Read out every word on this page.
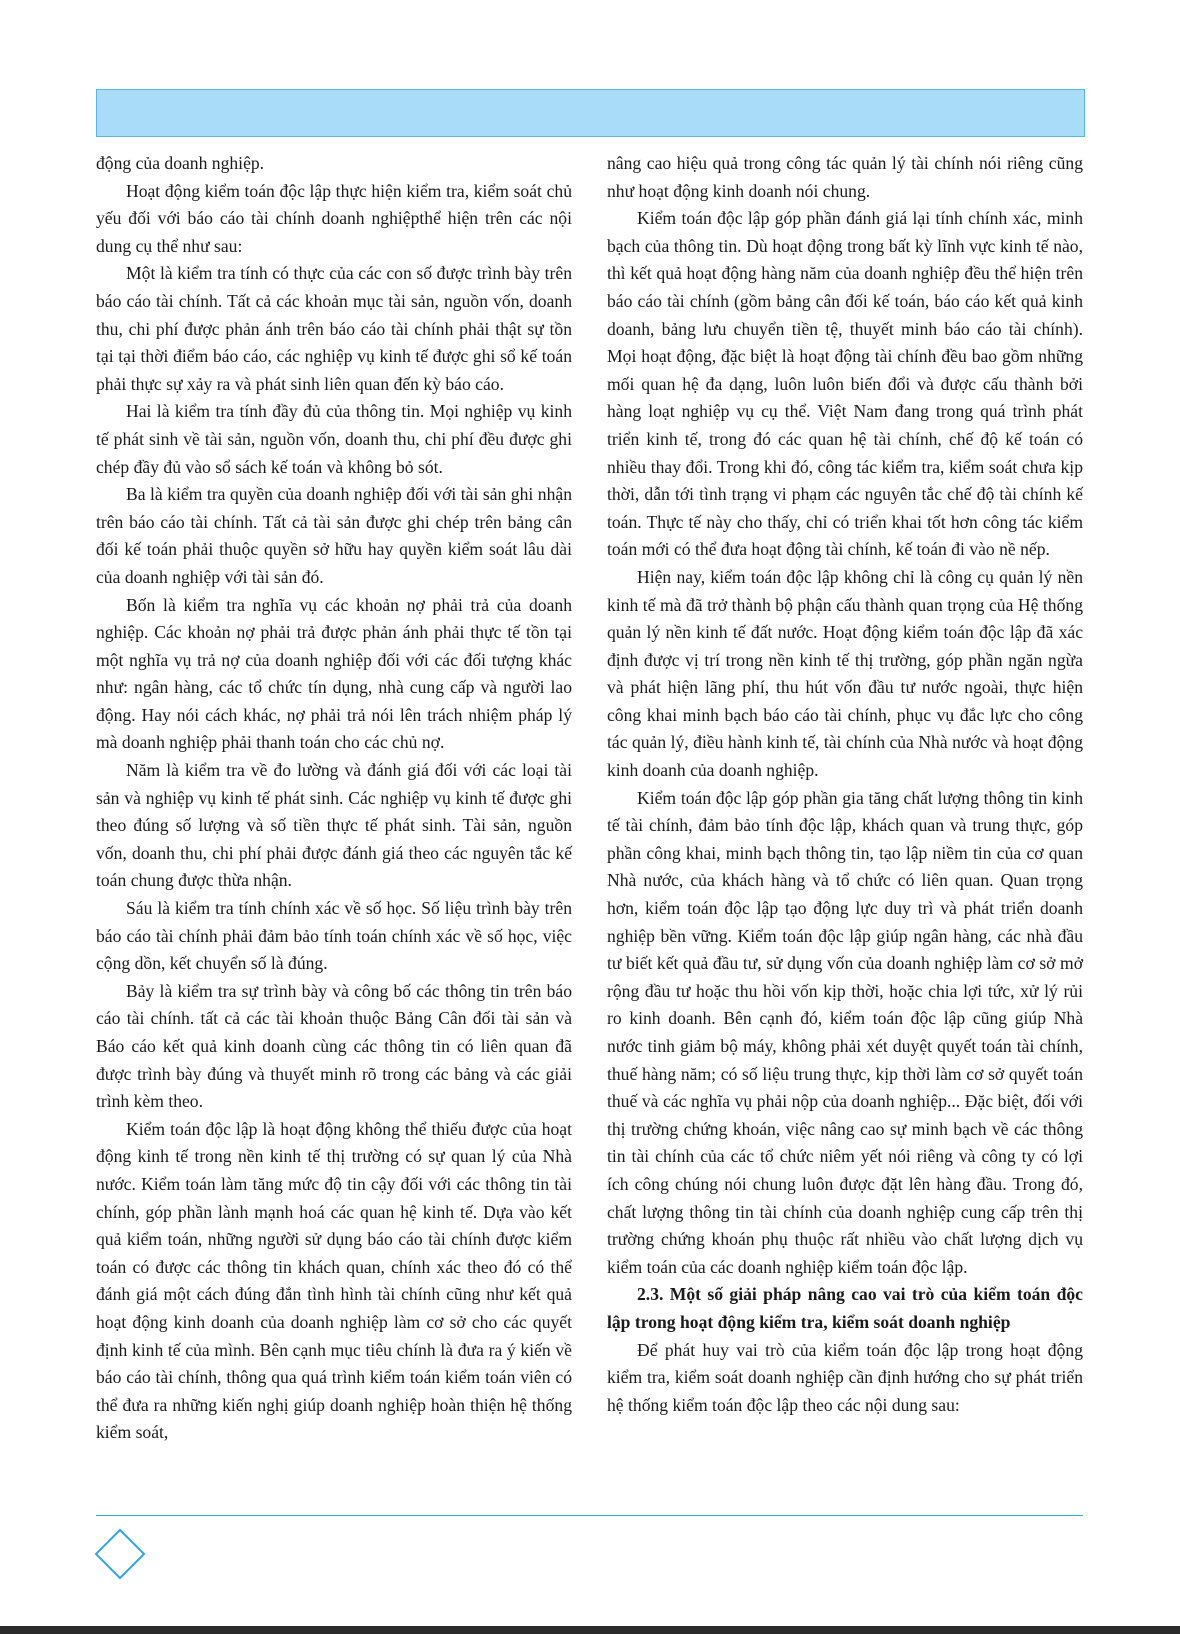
động của doanh nghiệp.

Hoạt động kiểm toán độc lập thực hiện kiểm tra, kiểm soát chủ yếu đối với báo cáo tài chính doanh nghiệpthể hiện trên các nội dung cụ thể như sau:

Một là kiểm tra tính có thực của các con số được trình bày trên báo cáo tài chính. Tất cả các khoản mục tài sản, nguồn vốn, doanh thu, chi phí được phản ánh trên báo cáo tài chính phải thật sự tồn tại tại thời điểm báo cáo, các nghiệp vụ kinh tế được ghi sổ kế toán phải thực sự xảy ra và phát sinh liên quan đến kỳ báo cáo.

Hai là kiểm tra tính đầy đủ của thông tin. Mọi nghiệp vụ kinh tế phát sinh về tài sản, nguồn vốn, doanh thu, chi phí đều được ghi chép đầy đủ vào sổ sách kế toán và không bỏ sót.

Ba là kiểm tra quyền của doanh nghiệp đối với tài sản ghi nhận trên báo cáo tài chính. Tất cả tài sản được ghi chép trên bảng cân đối kế toán phải thuộc quyền sở hữu hay quyền kiểm soát lâu dài của doanh nghiệp với tài sản đó.

Bốn là kiểm tra nghĩa vụ các khoản nợ phải trả của doanh nghiệp. Các khoản nợ phải trả được phản ánh phải thực tế tồn tại một nghĩa vụ trả nợ của doanh nghiệp đối với các đối tượng khác như: ngân hàng, các tổ chức tín dụng, nhà cung cấp và người lao động. Hay nói cách khác, nợ phải trả nói lên trách nhiệm pháp lý mà doanh nghiệp phải thanh toán cho các chủ nợ.

Năm là kiểm tra về đo lường và đánh giá đối với các loại tài sản và nghiệp vụ kinh tế phát sinh. Các nghiệp vụ kinh tế được ghi theo đúng số lượng và số tiền thực tế phát sinh. Tài sản, nguồn vốn, doanh thu, chi phí phải được đánh giá theo các nguyên tắc kế toán chung được thừa nhận.

Sáu là kiểm tra tính chính xác về số học. Số liệu trình bày trên báo cáo tài chính phải đảm bảo tính toán chính xác về số học, việc cộng dồn, kết chuyển số là đúng.

Bảy là kiểm tra sự trình bày và công bố các thông tin trên báo cáo tài chính. tất cả các tài khoản thuộc Bảng Cân đối tài sản và Báo cáo kết quả kinh doanh cùng các thông tin có liên quan đã được trình bày đúng và thuyết minh rõ trong các bảng và các giải trình kèm theo.

Kiểm toán độc lập là hoạt động không thể thiếu được của hoạt động kinh tế trong nền kinh tế thị trường có sự quan lý của Nhà nước. Kiểm toán làm tăng mức độ tin cậy đối với các thông tin tài chính, góp phần lành mạnh hoá các quan hệ kinh tế. Dựa vào kết quả kiểm toán, những người sử dụng báo cáo tài chính được kiểm toán có được các thông tin khách quan, chính xác theo đó có thể đánh giá một cách đúng đắn tình hình tài chính cũng như kết quả hoạt động kinh doanh của doanh nghiệp làm cơ sở cho các quyết định kinh tế của mình. Bên cạnh mục tiêu chính là đưa ra ý kiến về báo cáo tài chính, thông qua quá trình kiểm toán kiểm toán viên có thể đưa ra những kiến nghị giúp doanh nghiệp hoàn thiện hệ thống kiểm soát,

nâng cao hiệu quả trong công tác quản lý tài chính nói riêng cũng như hoạt động kinh doanh nói chung.

Kiểm toán độc lập góp phần đánh giá lại tính chính xác, minh bạch của thông tin. Dù hoạt động trong bất kỳ lĩnh vực kinh tế nào, thì kết quả hoạt động hàng năm của doanh nghiệp đều thể hiện trên báo cáo tài chính (gồm bảng cân đối kế toán, báo cáo kết quả kinh doanh, bảng lưu chuyển tiền tệ, thuyết minh báo cáo tài chính). Mọi hoạt động, đặc biệt là hoạt động tài chính đều bao gồm những mối quan hệ đa dạng, luôn luôn biến đổi và được cấu thành bởi hàng loạt nghiệp vụ cụ thể. Việt Nam đang trong quá trình phát triển kinh tế, trong đó các quan hệ tài chính, chế độ kế toán có nhiều thay đổi. Trong khi đó, công tác kiểm tra, kiểm soát chưa kịp thời, dẫn tới tình trạng vi phạm các nguyên tắc chế độ tài chính kế toán. Thực tế này cho thấy, chỉ có triển khai tốt hơn công tác kiểm toán mới có thể đưa hoạt động tài chính, kế toán đi vào nề nếp.

Hiện nay, kiểm toán độc lập không chỉ là công cụ quản lý nền kinh tế mà đã trở thành bộ phận cấu thành quan trọng của Hệ thống quản lý nền kinh tế đất nước. Hoạt động kiểm toán độc lập đã xác định được vị trí trong nền kinh tế thị trường, góp phần ngăn ngừa và phát hiện lãng phí, thu hút vốn đầu tư nước ngoài, thực hiện công khai minh bạch báo cáo tài chính, phục vụ đắc lực cho công tác quản lý, điều hành kinh tế, tài chính của Nhà nước và hoạt động kinh doanh của doanh nghiệp.

Kiểm toán độc lập góp phần gia tăng chất lượng thông tin kinh tế tài chính, đảm bảo tính độc lập, khách quan và trung thực, góp phần công khai, minh bạch thông tin, tạo lập niềm tin của cơ quan Nhà nước, của khách hàng và tổ chức có liên quan. Quan trọng hơn, kiểm toán độc lập tạo động lực duy trì và phát triển doanh nghiệp bền vững. Kiểm toán độc lập giúp ngân hàng, các nhà đầu tư biết kết quả đầu tư, sử dụng vốn của doanh nghiệp làm cơ sở mở rộng đầu tư hoặc thu hồi vốn kịp thời, hoặc chia lợi tức, xử lý rủi ro kinh doanh. Bên cạnh đó, kiểm toán độc lập cũng giúp Nhà nước tinh giảm bộ máy, không phải xét duyệt quyết toán tài chính, thuế hàng năm; có số liệu trung thực, kịp thời làm cơ sở quyết toán thuế và các nghĩa vụ phải nộp của doanh nghiệp... Đặc biệt, đối với thị trường chứng khoán, việc nâng cao sự minh bạch về các thông tin tài chính của các tổ chức niêm yết nói riêng và công ty có lợi ích công chúng nói chung luôn được đặt lên hàng đầu. Trong đó, chất lượng thông tin tài chính của doanh nghiệp cung cấp trên thị trường chứng khoán phụ thuộc rất nhiều vào chất lượng dịch vụ kiểm toán của các doanh nghiệp kiểm toán độc lập.

2.3. Một số giải pháp nâng cao vai trò của kiểm toán độc lập trong hoạt động kiểm tra, kiểm soát doanh nghiệp

Để phát huy vai trò của kiểm toán độc lập trong hoạt động kiểm tra, kiểm soát doanh nghiệp cần định hướng cho sự phát triển hệ thống kiểm toán độc lập theo các nội dung sau:
